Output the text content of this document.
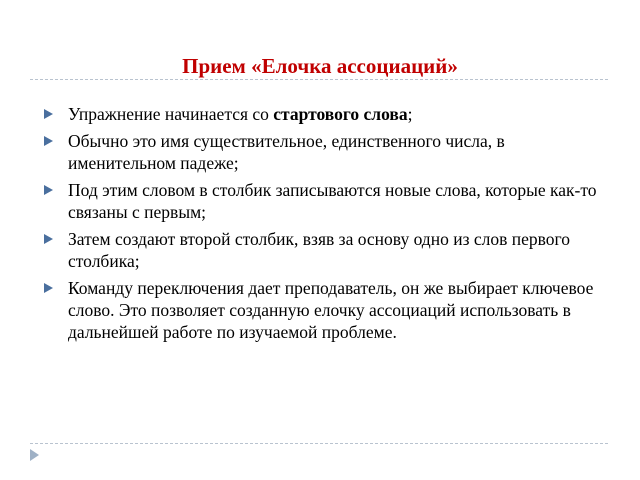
Прием «Елочка ассоциаций»
Упражнение начинается со стартового слова;
Обычно это имя существительное, единственного числа, в именительном падеже;
Под этим словом в столбик записываются новые слова, которые как-то связаны с первым;
Затем создают второй столбик, взяв за основу одно из слов первого столбика;
Команду переключения дает преподаватель, он же выбирает ключевое слово. Это позволяет созданную елочку ассоциаций использовать в дальнейшей работе по изучаемой проблеме.
